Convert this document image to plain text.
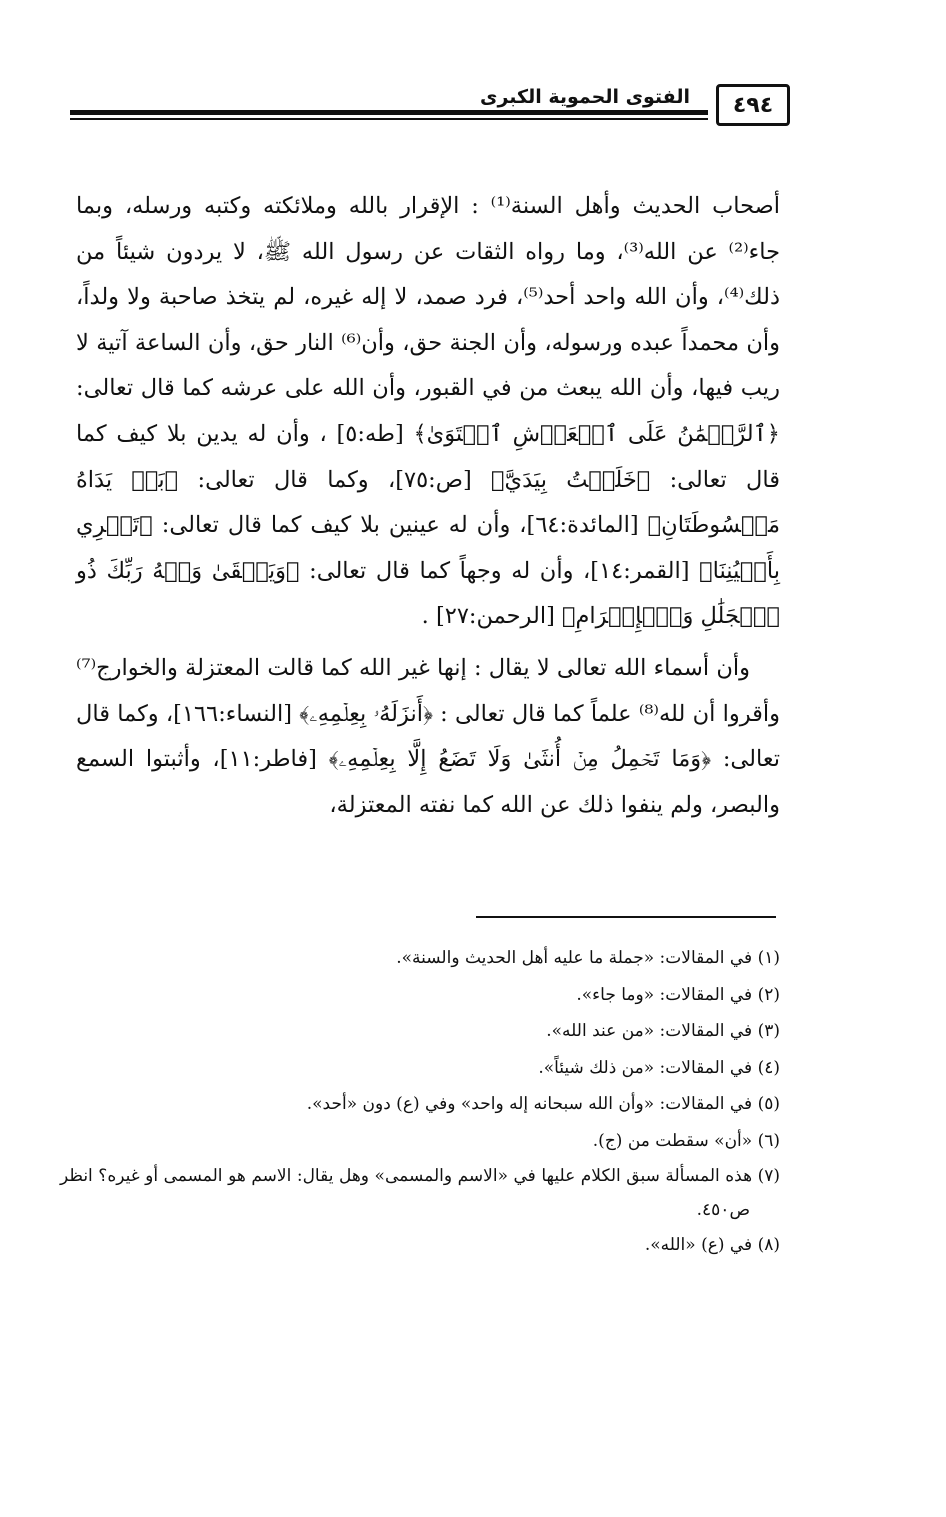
الفتوى الحموية الكبرى	٤٩٤

أصحاب الحديث وأهل السنة⁽¹⁾ : الإقرار بالله وملائكته وكتبه ورسله، وبما جاء⁽²⁾ عن الله⁽³⁾، وما رواه الثقات عن رسول الله ﷺ، لا يردون شيئاً من ذلك⁽⁴⁾، وأن الله واحد أحد⁽⁵⁾، فرد صمد، لا إله غيره، لم يتخذ صاحبة ولا ولداً، وأن محمداً عبده ورسوله، وأن الجنة حق، وأن⁽⁶⁾ النار حق، وأن الساعة آتية لا ريب فيها، وأن الله يبعث من في القبور، وأن الله على عرشه كما قال تعالى: ﴿ٱلرَّحۡمَٰنُ عَلَى ٱلۡعَرۡشِ ٱسۡتَوَىٰ﴾ [طه:٥] ، وأن له يدين بلا كيف كما قال تعالى: ﴿خَلَقۡتُ بِيَدَيَّ﴾ [ص:٧٥]، وكما قال تعالى: ﴿بَلۡ يَدَاهُ مَبۡسُوطَتَانِ﴾ [المائدة:٦٤]، وأن له عينين بلا كيف كما قال تعالى: ﴿تَجۡرِي بِأَعۡيُنِنَا﴾ [القمر:١٤]، وأن له وجهاً كما قال تعالى: ﴿وَيَبۡقَىٰ وَجۡهُ رَبِّكَ ذُو ٱلۡجَلَٰلِ وَٱلۡإِكۡرَامِ﴾ [الرحمن:٢٧] .

وأن أسماء الله تعالى لا يقال : إنها غير الله كما قالت المعتزلة والخوارج⁽⁷⁾ وأقروا أن لله⁽⁸⁾ علماً كما قال تعالى : ﴿أَنزَلَهُۥ بِعِلۡمِهِۦ﴾ [النساء:١٦٦]، وكما قال تعالى: ﴿وَمَا تَحۡمِلُ مِنۡ أُنثَىٰ وَلَا تَضَعُ إِلَّا بِعِلۡمِهِۦ﴾ [فاطر:١١]، وأثبتوا السمع والبصر، ولم ينفوا ذلك عن الله كما نفته المعتزلة،

(١) في المقالات: «جملة ما عليه أهل الحديث والسنة».

(٢) في المقالات: «وما جاء».

(٣) في المقالات: «من عند الله».

(٤) في المقالات: «من ذلك شيئاً».

(٥) في المقالات: «وأن الله سبحانه إله واحد» وفي (ع) دون «أحد».

(٦) «أن» سقطت من (ج).

(٧) هذه المسألة سبق الكلام عليها في «الاسم والمسمى» وهل يقال: الاسم هو المسمى أو غيره؟ انظر ص٤٥٠.

(٨) في (ع) «الله».
